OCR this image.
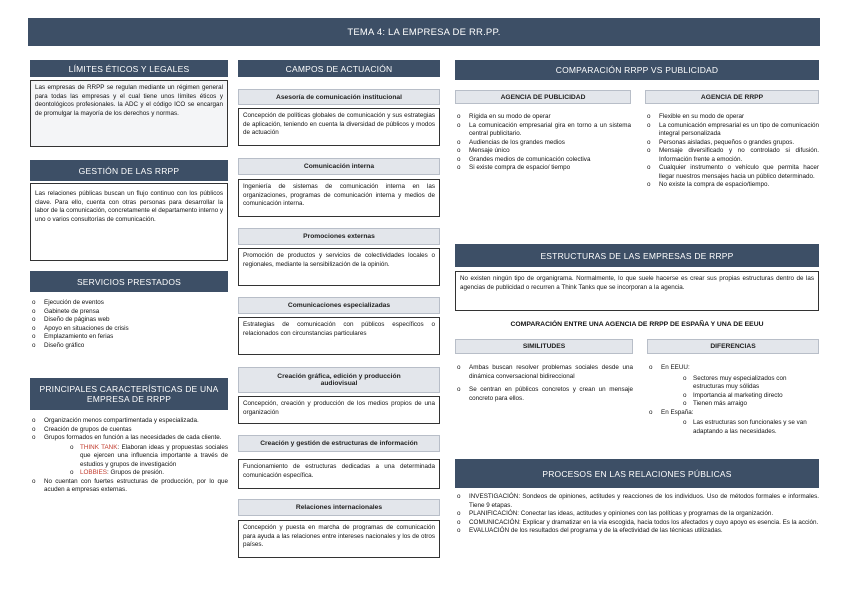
TEMA 4: LA EMPRESA DE RR.PP.
LÍMITES ÉTICOS Y LEGALES
Las empresas de RRPP se regulan mediante un régimen general para todas las empresas y el cual tiene unos límites éticos y deontológicos profesionales. la ADC y el código ICO se encargan de promulgar la mayoría de los derechos y normas.
GESTIÓN DE LAS RRPP
Las relaciones públicas buscan un flujo continuo con los públicos clave. Para ello, cuenta con otras personas para desarrollar la labor de la comunicación, concretamente el departamento interno y uno o varios consultorías de comunicación.
SERVICIOS PRESTADOS
o Ejecución de eventos
o Gabinete de prensa
o Diseño de páginas web
o Apoyo en situaciones de crisis
o Emplazamiento en ferias
o Diseño gráfico
PRINCIPALES CARACTERÍSTICAS DE UNA EMPRESA DE RRPP
o Organización menos compartimentada y especializada.
o Creación de grupos de cuentas
o Grupos formados en función a las necesidades de cada cliente.
o THINK TANK: Elaboran ideas y propuestas sociales que ejercen una influencia importante a través de estudios y grupos de investigación
o LOBBIES: Grupos de presión.
o No cuentan con fuertes estructuras de producción, por lo que acuden a empresas externas.
CAMPOS DE ACTUACIÓN
Asesoría de comunicación institucional
Concepción de políticas globales de comunicación y sus estrategias de aplicación, teniendo en cuenta la diversidad de públicos y modos de actuación
Comunicación interna
Ingeniería de sistemas de comunicación interna en las organizaciones, programas de comunicación interna y medios de comunicación interna.
Promociones externas
Promoción de productos y servicios de colectividades locales o regionales, mediante la sensibilización de la opinión.
Comunicaciones especializadas
Estrategias de comunicación con públicos específicos o relacionados con circunstancias particulares
Creación gráfica, edición y producción audiovisual
Concepción, creación y producción de los medios propios de una organización
Creación y gestión de estructuras de información
Funcionamiento de estructuras dedicadas a una determinada comunicación específica.
Relaciones internacionales
Concepción y puesta en marcha de programas de comunicación para ayuda a las relaciones entre intereses nacionales y los de otros países.
COMPARACIÓN RRPP VS PUBLICIDAD
AGENCIA DE PUBLICIDAD
o Rígida en su modo de operar
o La comunicación empresarial gira en torno a un sistema central publicitario.
o Audiencias de los grandes medios
o Mensaje único
o Grandes medios de comunicación colectiva
o Si existe compra de espacio/ tiempo
AGENCIA DE RRPP
o Flexible en su modo de operar
o La comunicación empresarial es un tipo de comunicación integral personalizada
o Personas aisladas, pequeños o grandes grupos.
o Mensaje diversificado y no controlado si difusión. Información frente a emoción.
o Cualquier instrumento o vehículo que permita hacer llegar nuestros mensajes hacia un público determinado.
o No existe la compra de espacio/tiempo.
ESTRUCTURAS DE LAS EMPRESAS DE RRPP
No existen ningún tipo de organigrama. Normalmente, lo que suele hacerse es crear sus propias estructuras dentro de las agencias de publicidad o recurren a Think Tanks que se incorporan a la agencia.
COMPARACIÓN ENTRE UNA AGENCIA DE RRPP DE ESPAÑA Y UNA DE EEUU
SIMILITUDES
o Ambas buscan resolver problemas sociales desde una dinámica conversacional bidireccional
o Se centran en públicos concretos y crean un mensaje concreto para ellos.
DIFERENCIAS
o En EEUU:
o Sectores muy especializados con estructuras muy sólidas
o Importancia al marketing directo
o Tienen más arraigo
o En España:
o Las estructuras son funcionales y se van adaptando a las necesidades.
PROCESOS EN LAS RELACIONES PÚBLICAS
o INVESTIGACIÓN: Sondeos de opiniones, actitudes y reacciones de los individuos. Uso de métodos formales e informales. Tiene 9 etapas.
o PLANIFICACIÓN: Conectar las ideas, actitudes y opiniones con las políticas y programas de la organización.
o COMUNICACIÓN: Explicar y dramatizar en la vía escogida, hacia todos los afectados y cuyo apoyo es esencia. Es la acción.
o EVALUACIÓN de los resultados del programa y de la efectividad de las técnicas utilizadas.
